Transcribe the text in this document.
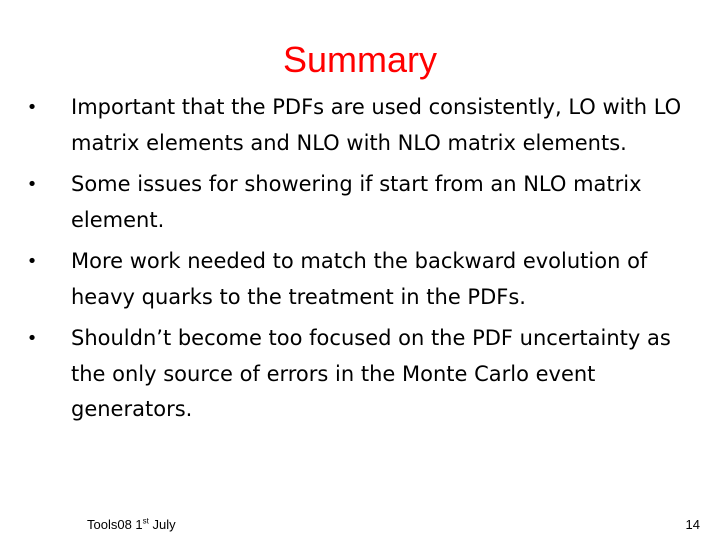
Summary
• Important that the PDFs are used consistently, LO with LO matrix elements and NLO with NLO matrix elements.
• Some issues for showering if start from an NLO matrix element.
• More work needed to match the backward evolution of heavy quarks to the treatment in the PDFs.
• Shouldn’t become too focused on the PDF uncertainty as the only source of errors in the Monte Carlo event generators.
Tools08 1st July	14
